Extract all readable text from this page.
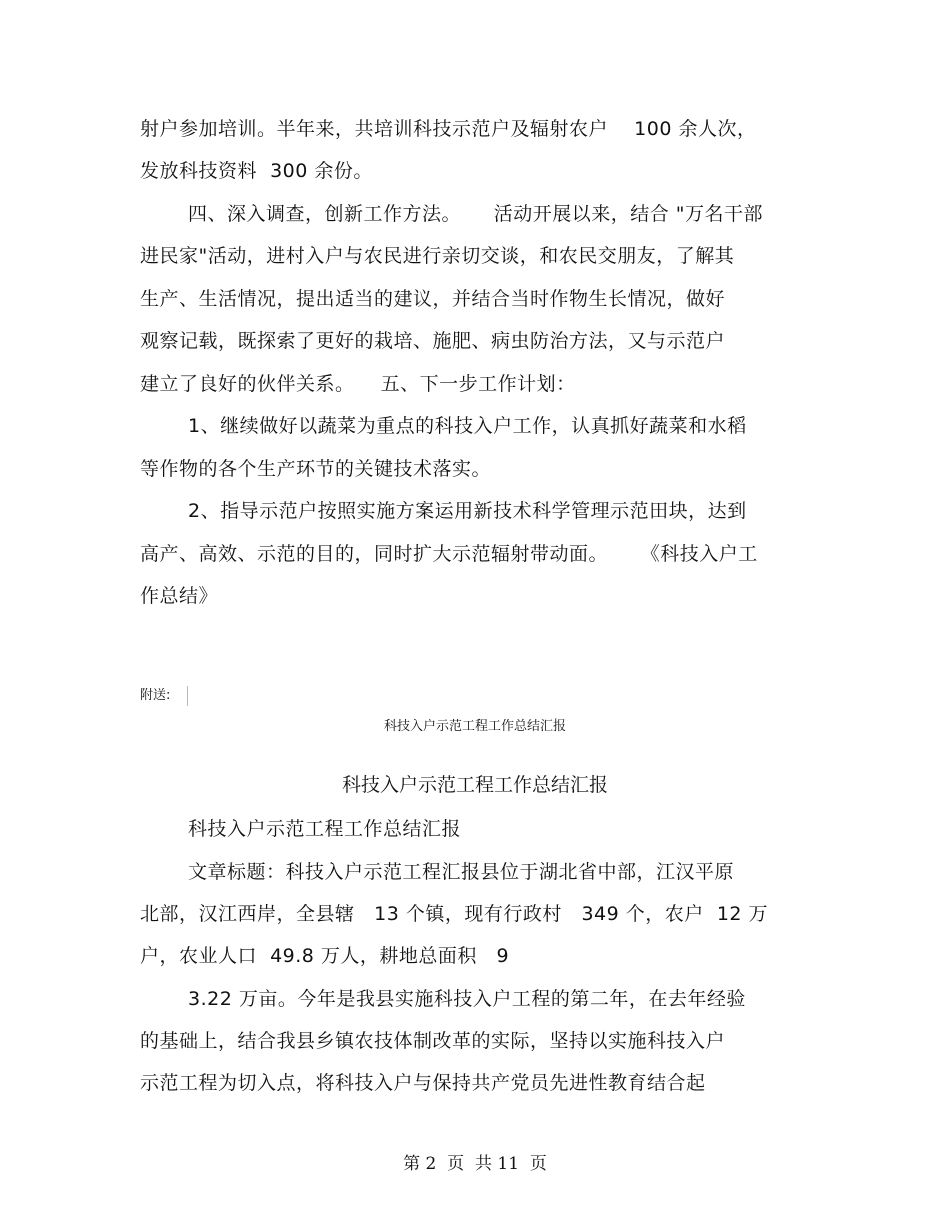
射户参加培训。半年来，共培训科技示范户及辐射农户    100 余人次，
发放科技资料  300 余份。
四、深入调查，创新工作方法。     活动开展以来，结合 "万名干部
进民家"活动，进村入户与农民进行亲切交谈，和农民交朋友，了解其
生产、生活情况，提出适当的建议，并结合当时作物生长情况，做好
观察记载，既探索了更好的栽培、施肥、病虫防治方法，又与示范户
建立了良好的伙伴关系。    五、下一步工作计划：
1、继续做好以蔬菜为重点的科技入户工作，认真抓好蔬菜和水稻
等作物的各个生产环节的关键技术落实。
2、指导示范户按照实施方案运用新技术科学管理示范田块，达到
高产、高效、示范的目的，同时扩大示范辐射带动面。     《科技入户工
作总结》
附送:
科技入户示范工程工作总结汇报
科技入户示范工程工作总结汇报
科技入户示范工程工作总结汇报
文章标题：科技入户示范工程汇报县位于湖北省中部，江汉平原
北部，汉江西岸，全县辖   13 个镇，现有行政村   349 个，农户  12 万
户，农业人口  49.8 万人，耕地总面积   9
3.22 万亩。今年是我县实施科技入户工程的第二年，在去年经验
的基础上，结合我县乡镇农技体制改革的实际，坚持以实施科技入户
示范工程为切入点，将科技入户与保持共产党员先进性教育结合起
第 2  页  共 11  页
